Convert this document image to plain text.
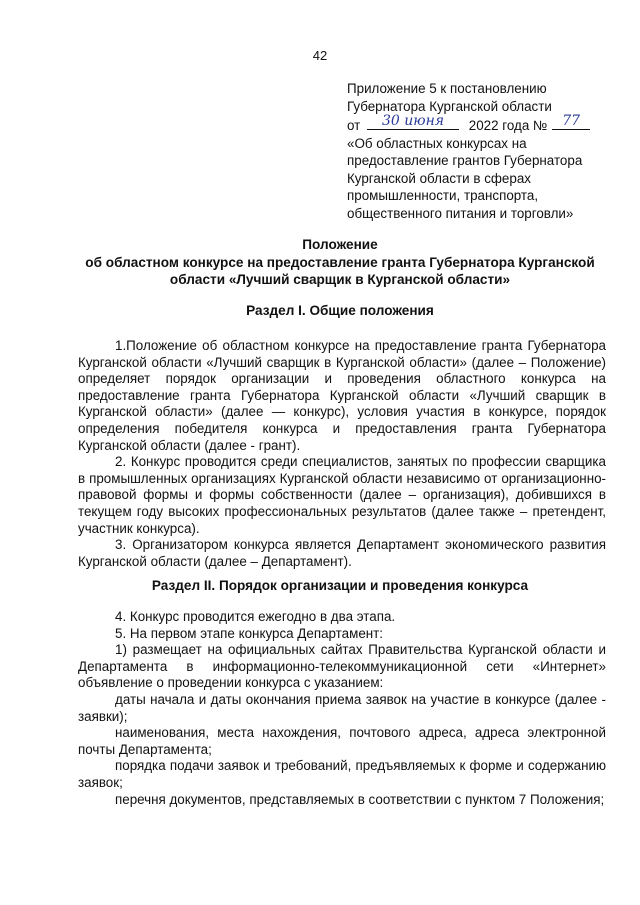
42
Приложение 5 к постановлению
Губернатора Курганской области
от	30 июня	2022 года №	77
«Об областных конкурсах на
предоставление грантов Губернатора
Курганской области в сферах
промышленности, транспорта,
общественного питания и торговли»
Положение
об областном конкурсе на предоставление гранта Губернатора Курганской
области «Лучший сварщик в Курганской области»
Раздел I. Общие положения

1.Положение об областном конкурсе на предоставление гранта Губернатора Курганской области «Лучший сварщик в Курганской области» (далее – Положение) определяет порядок организации и проведения областного конкурса на предоставление гранта Губернатора Курганской области «Лучший сварщик в Курганской области» (далее — конкурс), условия участия в конкурсе, порядок определения победителя конкурса и предоставления гранта Губернатора Курганской области (далее - грант).

2. Конкурс проводится среди специалистов, занятых по профессии сварщика в промышленных организациях Курганской области независимо от организационно-правовой формы и формы собственности (далее – организация), добившихся в текущем году высоких профессиональных результатов (далее также – претендент, участник конкурса).

3. Организатором конкурса является Департамент экономического развития Курганской области (далее – Департамент).

Раздел II. Порядок организации и проведения конкурса

4. Конкурс проводится ежегодно в два этапа.

5. На первом этапе конкурса Департамент:

1) размещает на официальных сайтах Правительства Курганской области и Департамента в информационно-телекоммуникационной сети «Интернет» объявление о проведении конкурса с указанием:

даты начала и даты окончания приема заявок на участие в конкурсе (далее - заявки);

наименования, места нахождения, почтового адреса, адреса электронной почты Департамента;

порядка подачи заявок и требований, предъявляемых к форме и содержанию заявок;

перечня документов, представляемых в соответствии с пунктом 7 Положения;
